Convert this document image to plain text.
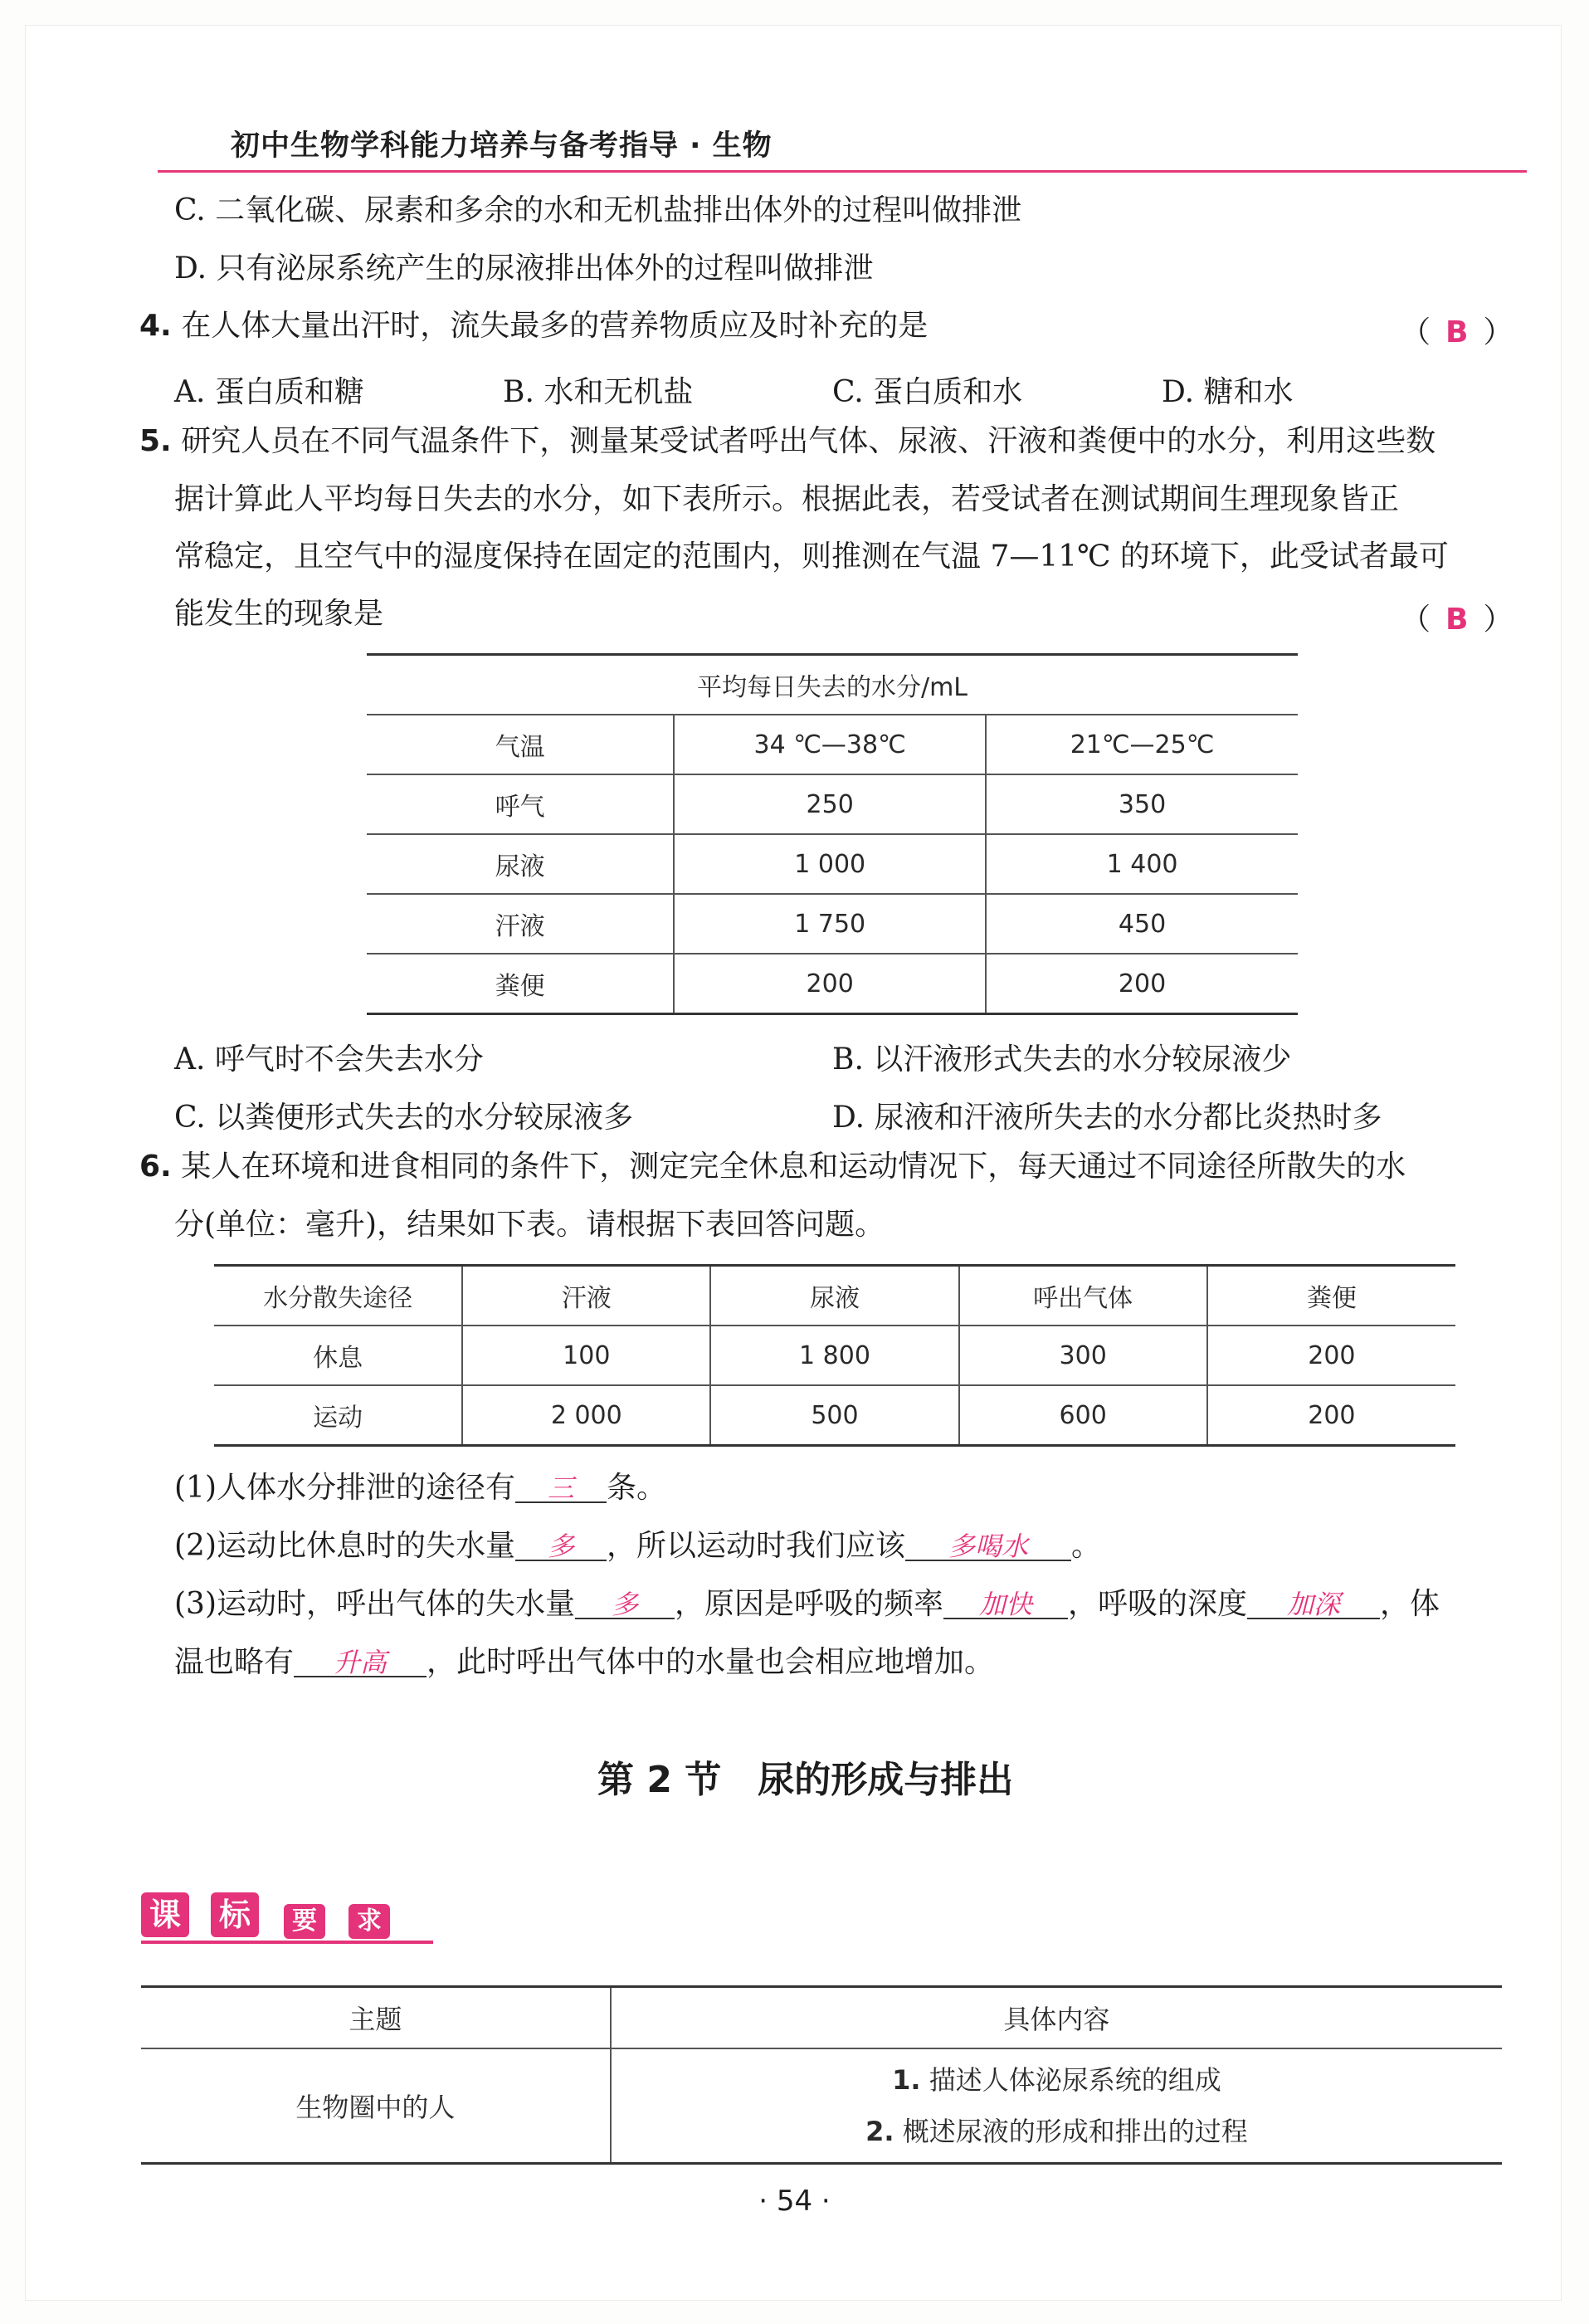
初中生物学科能力培养与备考指导 · 生物
C. 二氧化碳、尿素和多余的水和无机盐排出体外的过程叫做排泄
D. 只有泌尿系统产生的尿液排出体外的过程叫做排泄
4. 在人体大量出汗时，流失最多的营养物质应及时补充的是	（ B ）
A. 蛋白质和糖	B. 水和无机盐	C. 蛋白质和水	D. 糖和水
5. 研究人员在不同气温条件下，测量某受试者呼出气体、尿液、汗液和粪便中的水分，利用这些数
据计算此人平均每日失去的水分，如下表所示。根据此表，若受试者在测试期间生理现象皆正
常稳定，且空气中的湿度保持在固定的范围内，则推测在气温 7—11℃ 的环境下，此受试者最可
能发生的现象是	（ B ）
平均每日失去的水分/mL		
气温	34 ℃—38℃	21℃—25℃
呼气	250	350
尿液	1 000	1 400
汗液	1 750	450
粪便	200	200
A. 呼气时不会失去水分	B. 以汗液形式失去的水分较尿液少
C. 以粪便形式失去的水分较尿液多	D. 尿液和汗液所失去的水分都比炎热时多
6. 某人在环境和进食相同的条件下，测定完全休息和运动情况下，每天通过不同途径所散失的水
分(单位：毫升)，结果如下表。请根据下表回答问题。
水分散失途径	汗液	尿液	呼出气体	粪便
休息	100	1 800	300	200
运动	2 000	500	600	200
(1)人体水分排泄的途径有 三 条。
(2)运动比休息时的失水量 多 ，所以运动时我们应该 多喝水 。
(3)运动时，呼出气体的失水量 多 ，原因是呼吸的频率 加快 ，呼吸的深度 加深 ，体
温也略有 升高 ，此时呼出气体中的水量也会相应地增加。
第 2 节　尿的形成与排出
课 标	要	求
主题	具体内容
生物圈中的人	1. 描述人体泌尿系统的组成
2. 概述尿液的形成和排出的过程
· 54 ·
